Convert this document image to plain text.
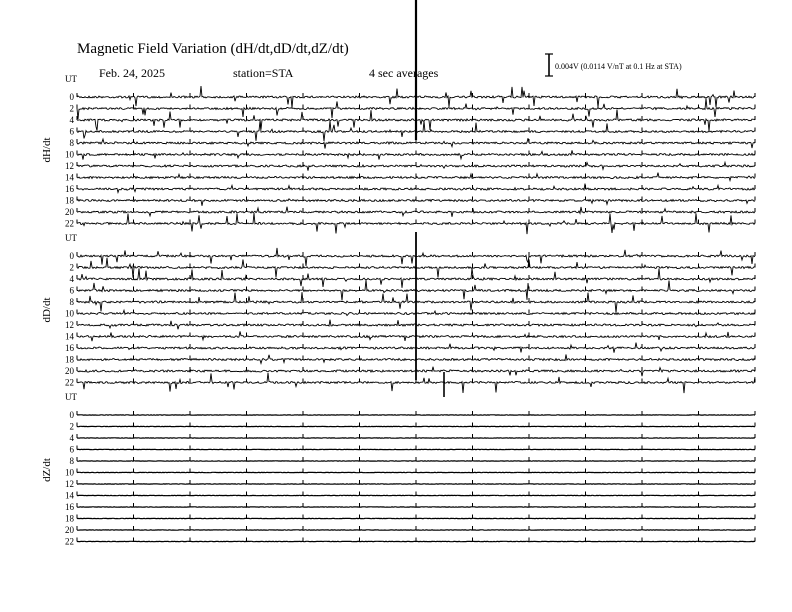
Magnetic Field Variation (dH/dt,dD/dt,dZ/dt)
Feb. 24, 2025	station=STA	4 sec averages	0.004V (0.0114 V/nT at 0.1 Hz at STA)
UT
dH/dt
0
2
4
6
8
10
12
14
16
18
20
22
UT
dD/dt
0
2
4
6
8
10
12
14
16
18
20
22
UT
dZ/dt
0
2
4
6
8
10
12
14
16
18
20
22
